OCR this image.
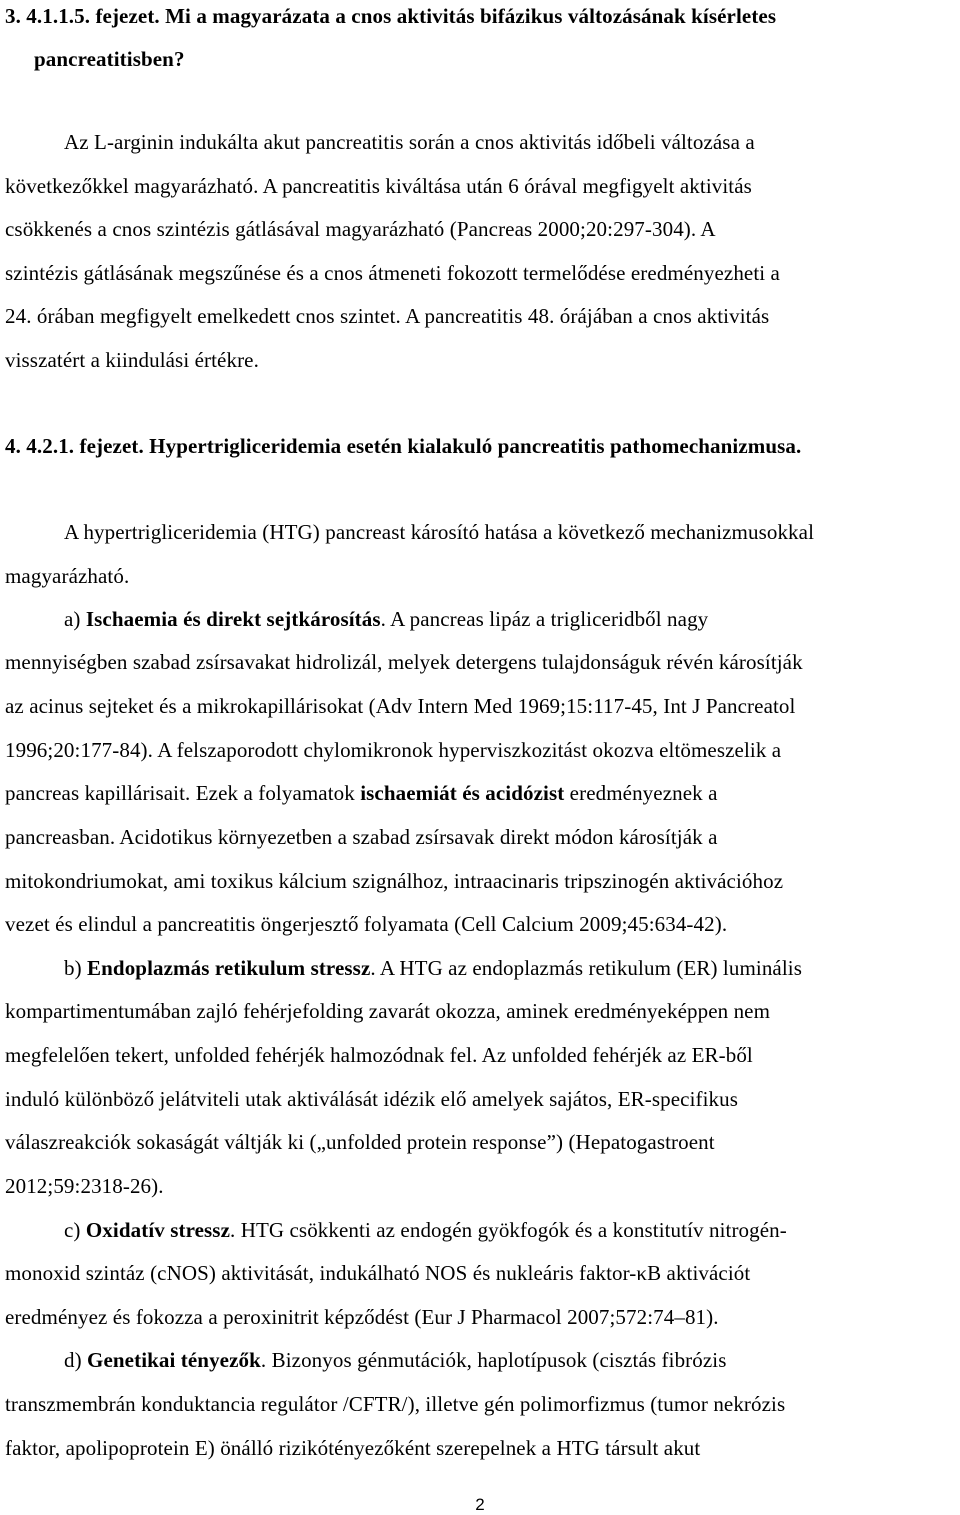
3. 4.1.1.5. fejezet. Mi a magyarázata a cnos aktivitás bifázikus változásának kísérletes
pancreatitisben?
Az L-arginin indukálta akut pancreatitis során a cnos aktivitás időbeli változása a
következőkkel magyarázható. A pancreatitis kiváltása után 6 órával megfigyelt aktivitás
csökkenés a cnos szintézis gátlásával magyarázható (Pancreas 2000;20:297-304). A
szintézis gátlásának megszűnése és a cnos átmeneti fokozott termelődése eredményezheti a
24. órában megfigyelt emelkedett cnos szintet. A pancreatitis 48. órájában a cnos aktivitás
visszatért a kiindulási értékre.
4. 4.2.1. fejezet. Hypertrigliceridemia esetén kialakuló pancreatitis pathomechanizmusa.
A hypertrigliceridemia (HTG) pancreast károsító hatása a következő mechanizmusokkal
magyarázható.
a) Ischaemia és direkt sejtkárosítás. A pancreas lipáz a trigliceridből nagy
mennyiségben szabad zsírsavakat hidrolizál, melyek detergens tulajdonságuk révén károsítják
az acinus sejteket és a mikrokapillárisokat (Adv Intern Med 1969;15:117-45, Int J Pancreatol
1996;20:177-84). A felszaporodott chylomikronok hyperviszkozitást okozva eltömeszelik a
pancreas kapillárisait. Ezek a folyamatok ischaemiát és acidózist eredményeznek a
pancreasban. Acidotikus környezetben a szabad zsírsavak direkt módon károsítják a
mitokondriumokat, ami toxikus kálcium szignálhoz, intraacinaris tripszinogén aktivációhoz
vezet és elindul a pancreatitis öngerjesztő folyamata (Cell Calcium 2009;45:634-42).
b) Endoplazmás retikulum stressz. A HTG az endoplazmás retikulum (ER) luminális
kompartimentumában zajló fehérjefolding zavarát okozza, aminek eredményeképpen nem
megfelelően tekert, unfolded fehérjék halmozódnak fel. Az unfolded fehérjék az ER-ből
induló különböző jelátviteli utak aktiválását idézik elő amelyek sajátos, ER-specifikus
válaszreakciók sokaságát váltják ki („unfolded protein response”) (Hepatogastroent
2012;59:2318-26).
c) Oxidatív stressz. HTG csökkenti az endogén gyökfogók és a konstitutív nitrogén-
monoxid szintáz (cNOS) aktivitását, indukálható NOS és nukleáris faktor-κB aktivációt
eredményez és fokozza a peroxinitrit képződést (Eur J Pharmacol 2007;572:74–81).
d) Genetikai tényezők. Bizonyos génmutációk, haplotípusok (cisztás fibrózis
transzmembrán konduktancia regulátor /CFTR/), illetve gén polimorfizmus (tumor nekrózis
faktor, apolipoprotein E) önálló rizikótényezőként szerepelnek a HTG társult akut
2
